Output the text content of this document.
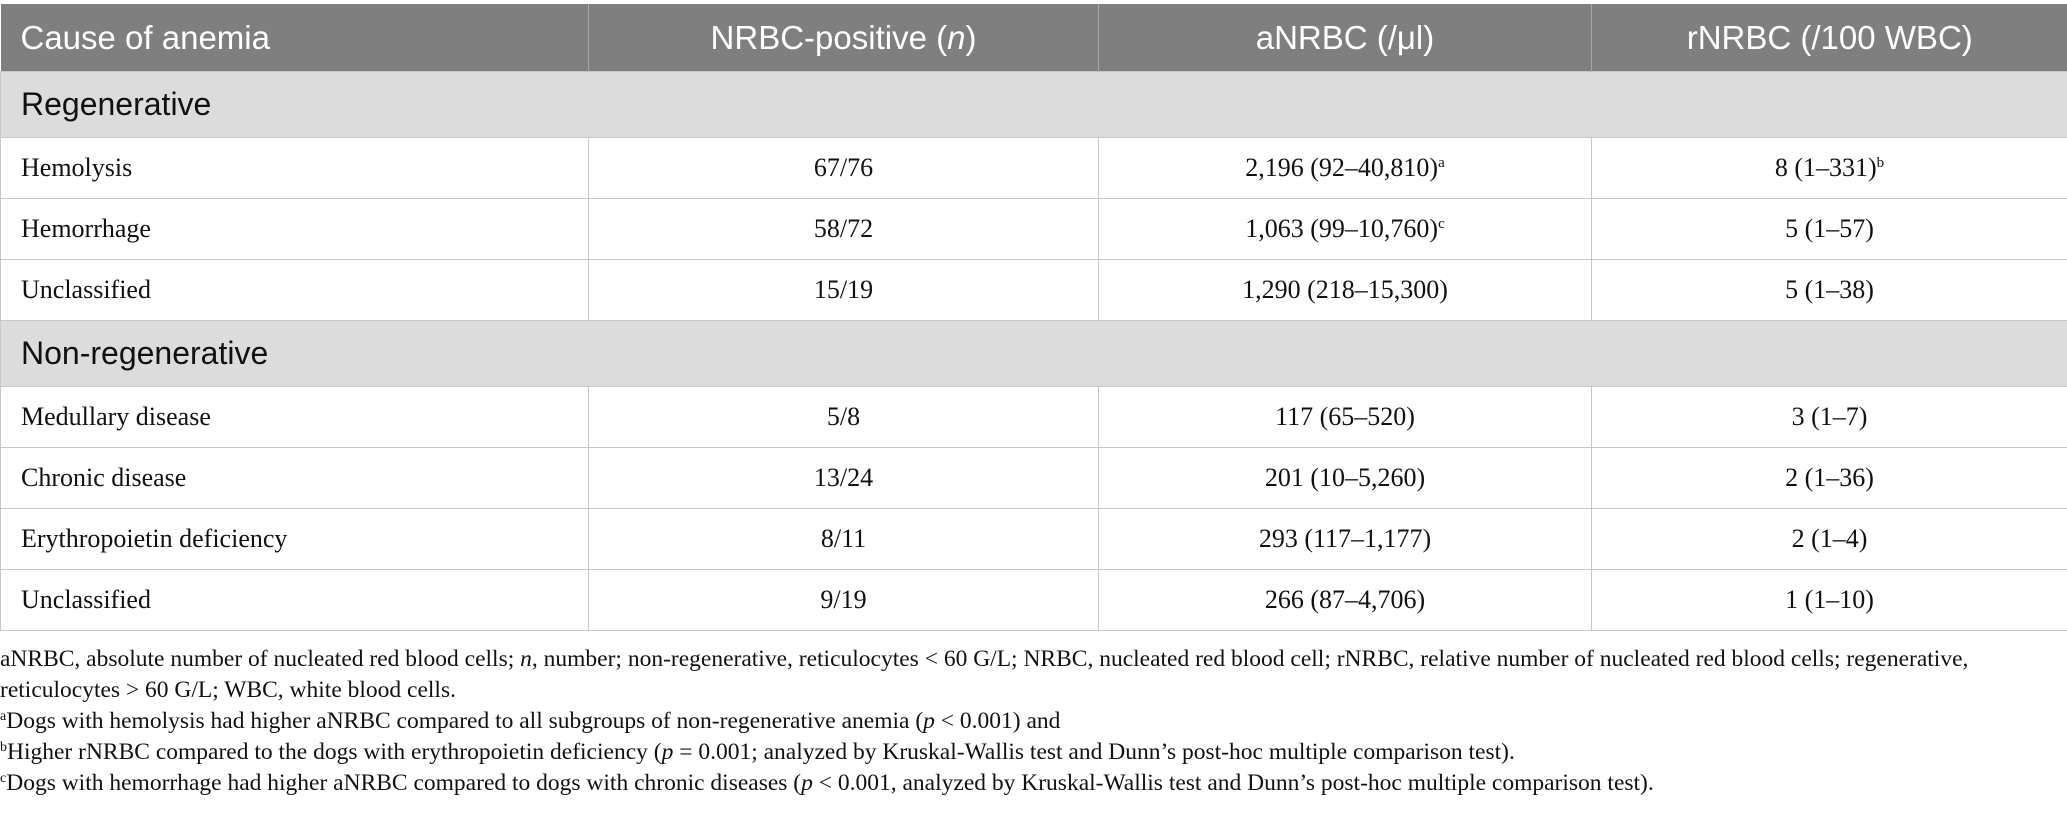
Cause of anemia	NRBC-positive (n)	aNRBC (/μl)	rNRBC (/100 WBC)
Regenerative			
Hemolysis	67/76	2,196 $(92-40,810)^a$	8 $(1-331)^b$
Hemorrhage	58/72	1,063 $(99-10,760)^c$	5 (1–57)
Unclassified	15/19	1,290 (218–15,300)	5 (1–38)
Non-regenerative			
Medullary disease	5/8	117 (65–520)	3 (1–7)
Chronic disease	13/24	201 (10–5,260)	2 (1–36)
Erythropoietin deficiency	8/11	293 (117–1,177)	2 (1–4)
Unclassified	9/19	266 (87–4,706)	1 (1–10)

aNRBC, absolute number of nucleated red blood cells; n, number; non-regenerative, reticulocytes < 60 G/L; NRBC, nucleated red blood cell; rNRBC, relative number of nucleated red blood cells; regenerative, reticulocytes > 60 G/L; WBC, white blood cells.

$^a$Dogs with hemolysis had higher aNRBC compared to all subgroups of non-regenerative anemia (p < 0.001) and

$^b$Higher rNRBC compared to the dogs with erythropoietin deficiency (p = 0.001; analyzed by Kruskal-Wallis test and Dunn’s post-hoc multiple comparison test).

$^c$Dogs with hemorrhage had higher aNRBC compared to dogs with chronic diseases (p < 0.001, analyzed by Kruskal-Wallis test and Dunn’s post-hoc multiple comparison test).
